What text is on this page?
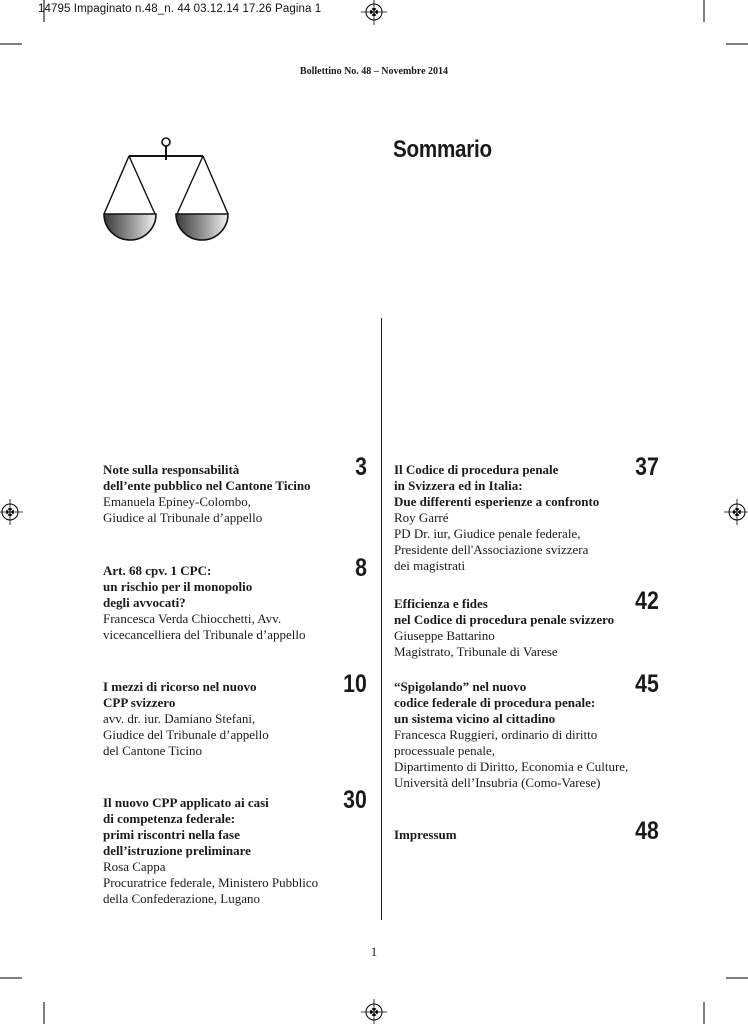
14795 Impaginato n.48_n. 44 03.12.14 17.26 Pagina 1
Bollettino No. 48 – Novembre 2014
Sommario
Note sulla responsabilità
dell’ente pubblico nel Cantone Ticino
Emanuela Epiney-Colombo,
Giudice al Tribunale d’appello
3
Art. 68 cpv. 1 CPC:
un rischio per il monopolio
degli avvocati?
Francesca Verda Chiocchetti, Avv.
vicecancelliera del Tribunale d’appello
8
I mezzi di ricorso nel nuovo
CPP svizzero
avv. dr. iur. Damiano Stefani,
Giudice del Tribunale d’appello
del Cantone Ticino
10
Il nuovo CPP applicato ai casi
di competenza federale:
primi riscontri nella fase
dell’istruzione preliminare
Rosa Cappa
Procuratrice federale, Ministero Pubblico
della Confederazione, Lugano
30
Il Codice di procedura penale
in Svizzera ed in Italia:
Due differenti esperienze a confronto
Roy Garré
PD Dr. iur, Giudice penale federale,
Presidente dell'Associazione svizzera
dei magistrati
37
Efficienza e fides
nel Codice di procedura penale svizzero
Giuseppe Battarino
Magistrato, Tribunale di Varese
42
“Spigolando” nel nuovo
codice federale di procedura penale:
un sistema vicino al cittadino
Francesca Ruggieri, ordinario di diritto
processuale penale,
Dipartimento di Diritto, Economia e Culture,
Università dell’Insubria (Como-Varese)
45
Impressum	48
1
